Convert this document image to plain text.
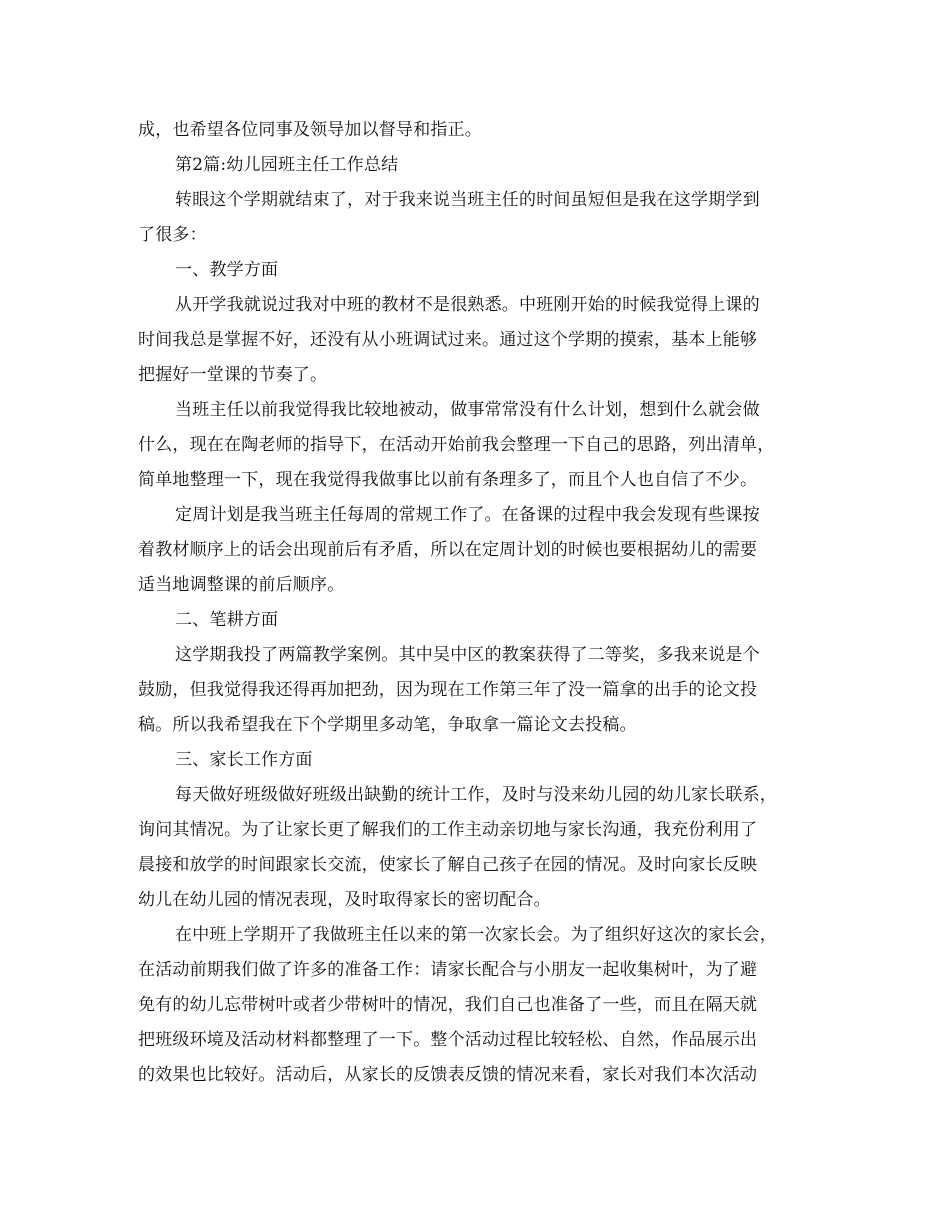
成，也希望各位同事及领导加以督导和指正。
第2篇:幼儿园班主任工作总结
转眼这个学期就结束了，对于我来说当班主任的时间虽短但是我在这学期学到
了很多：
一、教学方面
从开学我就说过我对中班的教材不是很熟悉。中班刚开始的时候我觉得上课的
时间我总是掌握不好，还没有从小班调试过来。通过这个学期的摸索，基本上能够
把握好一堂课的节奏了。
当班主任以前我觉得我比较地被动，做事常常没有什么计划，想到什么就会做
什么，现在在陶老师的指导下，在活动开始前我会整理一下自己的思路，列出清单，
简单地整理一下，现在我觉得我做事比以前有条理多了，而且个人也自信了不少。
定周计划是我当班主任每周的常规工作了。在备课的过程中我会发现有些课按
着教材顺序上的话会出现前后有矛盾，所以在定周计划的时候也要根据幼儿的需要
适当地调整课的前后顺序。
二、笔耕方面
这学期我投了两篇教学案例。其中吴中区的教案获得了二等奖，多我来说是个
鼓励，但我觉得我还得再加把劲，因为现在工作第三年了没一篇拿的出手的论文投
稿。所以我希望我在下个学期里多动笔，争取拿一篇论文去投稿。
三、家长工作方面
每天做好班级做好班级出缺勤的统计工作，及时与没来幼儿园的幼儿家长联系，
询问其情况。为了让家长更了解我们的工作主动亲切地与家长沟通，我充份利用了
晨接和放学的时间跟家长交流，使家长了解自己孩子在园的情况。及时向家长反映
幼儿在幼儿园的情况表现，及时取得家长的密切配合。
在中班上学期开了我做班主任以来的第一次家长会。为了组织好这次的家长会，
在活动前期我们做了许多的准备工作：请家长配合与小朋友一起收集树叶，为了避
免有的幼儿忘带树叶或者少带树叶的情况，我们自己也准备了一些，而且在隔天就
把班级环境及活动材料都整理了一下。整个活动过程比较轻松、自然，作品展示出
的效果也比较好。活动后，从家长的反馈表反馈的情况来看，家长对我们本次活动
